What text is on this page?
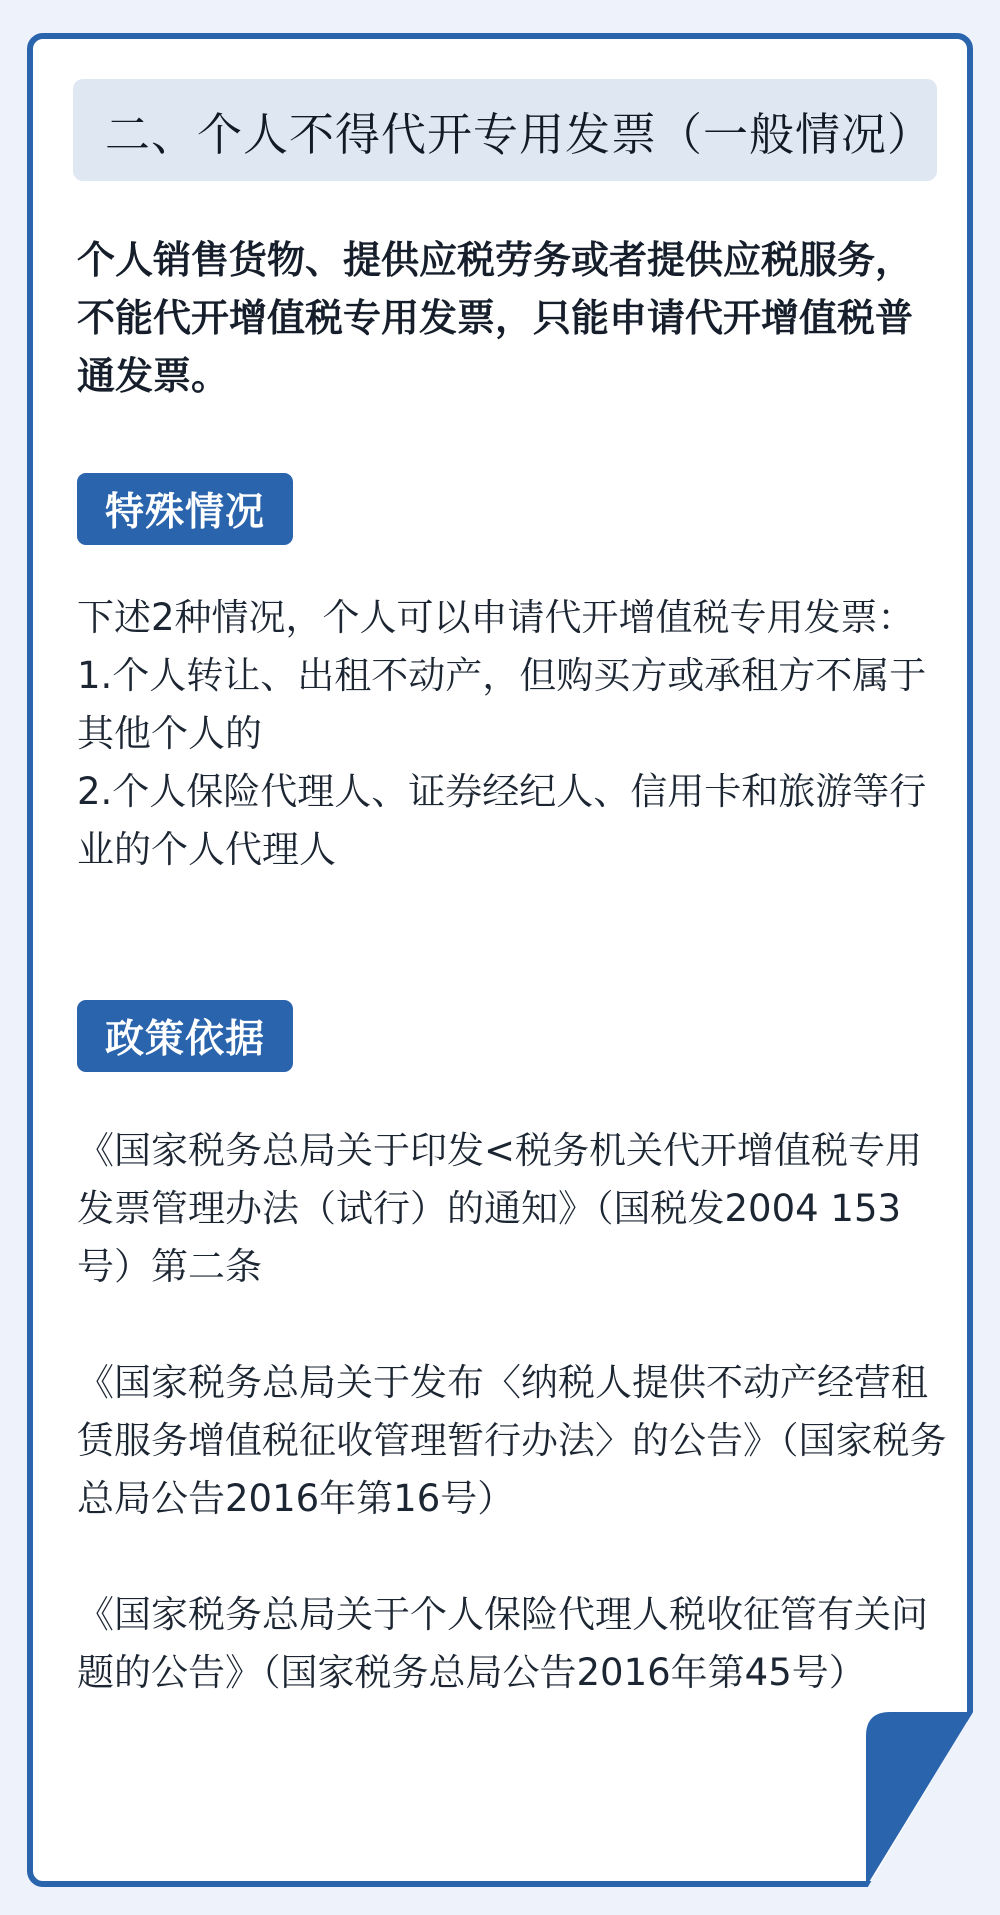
二、个人不得代开专用发票（一般情况）
个人销售货物、提供应税劳务或者提供应税服务，不能代开增值税专用发票，只能申请代开增值税普通发票。
特殊情况

下述2种情况，个人可以申请代开增值税专用发票：

1.个人转让、出租不动产，但购买方或承租方不属于其他个人的

2.个人保险代理人、证券经纪人、信用卡和旅游等行业的个人代理人

政策依据
《国家税务总局关于印发<税务机关代开增值税专用发票管理办法（试行）的通知》（国税发2004 153号）第二条
《国家税务总局关于发布〈纳税人提供不动产经营租赁服务增值税征收管理暂行办法〉的公告》（国家税务总局公告2016年第16号）
《国家税务总局关于个人保险代理人税收征管有关问题的公告》（国家税务总局公告2016年第45号）
